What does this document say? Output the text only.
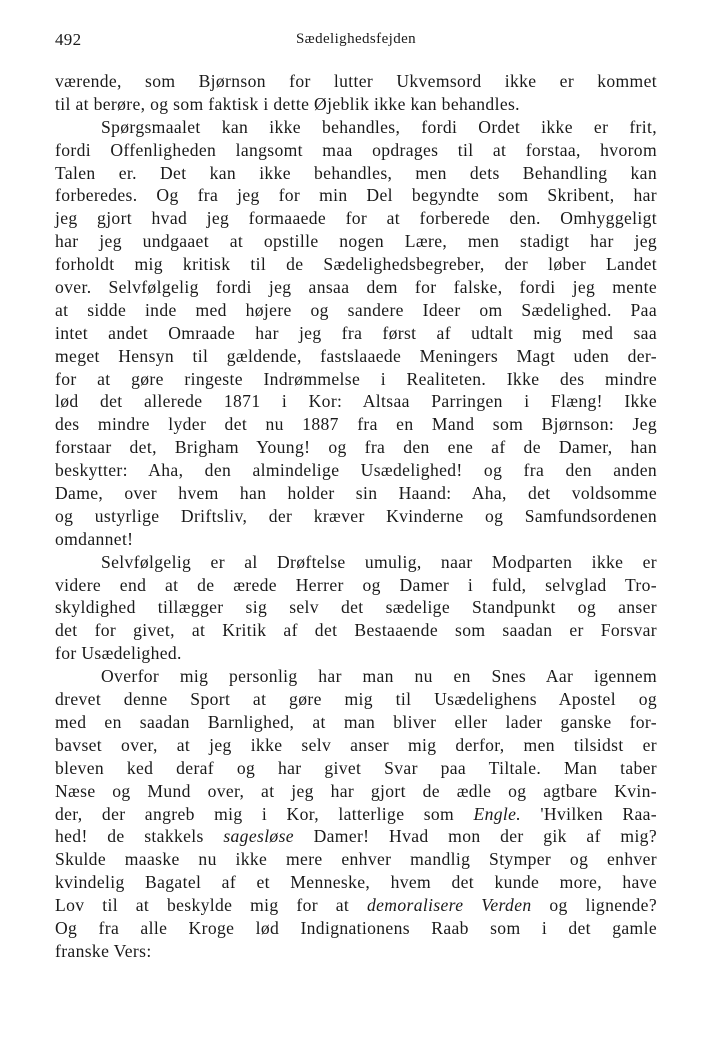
492	Sædelighedsfejden
værende, som Bjørnson for lutter Ukvemsord ikke er kommet
til at berøre, og som faktisk i dette Øjeblik ikke kan behandles.
Spørgsmaalet kan ikke behandles, fordi Ordet ikke er frit,
fordi Offenligheden langsomt maa opdrages til at forstaa, hvorom
Talen er. Det kan ikke behandles, men dets Behandling kan
forberedes. Og fra jeg for min Del begyndte som Skribent, har
jeg gjort hvad jeg formaaede for at forberede den. Omhyggeligt
har jeg undgaaet at opstille nogen Lære, men stadigt har jeg
forholdt mig kritisk til de Sædelighedsbegreber, der løber Landet
over. Selvfølgelig fordi jeg ansaa dem for falske, fordi jeg mente
at sidde inde med højere og sandere Ideer om Sædelighed. Paa
intet andet Omraade har jeg fra først af udtalt mig med saa
meget Hensyn til gældende, fastslaaede Meningers Magt uden der-
for at gøre ringeste Indrømmelse i Realiteten. Ikke des mindre
lød det allerede 1871 i Kor: Altsaa Parringen i Flæng! Ikke
des mindre lyder det nu 1887 fra en Mand som Bjørnson: Jeg
forstaar det, Brigham Young! og fra den ene af de Damer, han
beskytter: Aha, den almindelige Usædelighed! og fra den anden
Dame, over hvem han holder sin Haand: Aha, det voldsomme
og ustyrlige Driftsliv, der kræver Kvinderne og Samfundsordenen
omdannet!
Selvfølgelig er al Drøftelse umulig, naar Modparten ikke er
videre end at de ærede Herrer og Damer i fuld, selvglad Tro-
skyldighed tillægger sig selv det sædelige Standpunkt og anser
det for givet, at Kritik af det Bestaaende som saadan er Forsvar
for Usædelighed.
Overfor mig personlig har man nu en Snes Aar igennem
drevet denne Sport at gøre mig til Usædelighens Apostel og
med en saadan Barnlighed, at man bliver eller lader ganske for-
bavset over, at jeg ikke selv anser mig derfor, men tilsidst er
bleven ked deraf og har givet Svar paa Tiltale. Man taber
Næse og Mund over, at jeg har gjort de ædle og agtbare Kvin-
der, der angreb mig i Kor, latterlige som Engle. 'Hvilken Raa-
hed! de stakkels sagesløse Damer! Hvad mon der gik af mig?
Skulde maaske nu ikke mere enhver mandlig Stymper og enhver
kvindelig Bagatel af et Menneske, hvem det kunde more, have
Lov til at beskylde mig for at demoralisere Verden og lignende?
Og fra alle Kroge lød Indignationens Raab som i det gamle
franske Vers:
